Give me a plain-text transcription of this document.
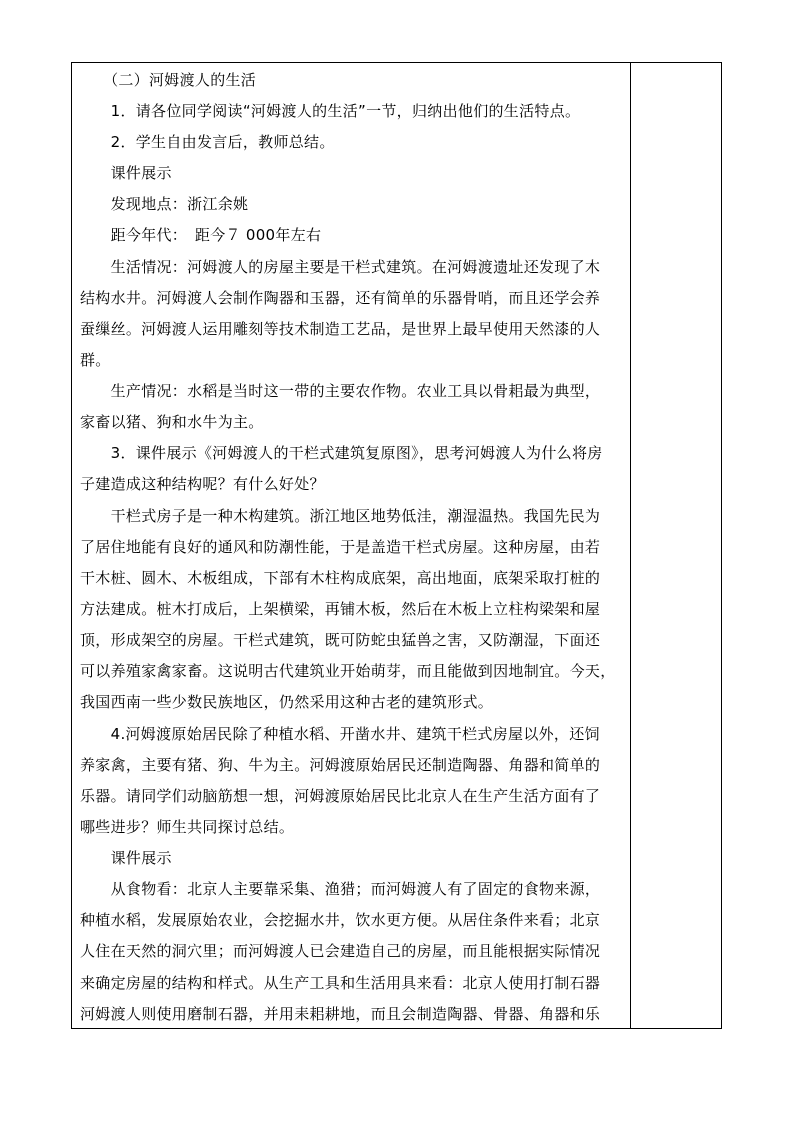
　　（二）河姆渡人的生活
　　1．请各位同学阅读“河姆渡人的生活”一节，归纳出他们的生活特点。
　　2．学生自由发言后，教师总结。
　　课件展示
　　发现地点：浙江余姚
　　距今年代：　距今７ 000年左右
　　生活情况：河姆渡人的房屋主要是干栏式建筑。在河姆渡遗址还发现了木
结构水井。河姆渡人会制作陶器和玉器，还有简单的乐器骨哨，而且还学会养
蚕缫丝。河姆渡人运用雕刻等技术制造工艺品，是世界上最早使用天然漆的人
群。
　　生产情况：水稻是当时这一带的主要农作物。农业工具以骨耜最为典型，
家畜以猪、狗和水牛为主。
　　3．课件展示《河姆渡人的干栏式建筑复原图》，思考河姆渡人为什么将房
子建造成这种结构呢？有什么好处？
　　干栏式房子是一种木构建筑。浙江地区地势低洼，潮湿温热。我国先民为
了居住地能有良好的通风和防潮性能，于是盖造干栏式房屋。这种房屋，由若
干木桩、圆木、木板组成，下部有木柱构成底架，高出地面，底架采取打桩的
方法建成。桩木打成后，上架横梁，再铺木板，然后在木板上立柱构梁架和屋
顶，形成架空的房屋。干栏式建筑，既可防蛇虫猛兽之害，又防潮湿，下面还
可以养殖家禽家畜。这说明古代建筑业开始萌芽，而且能做到因地制宜。今天，
我国西南一些少数民族地区，仍然采用这种古老的建筑形式。
　　4.河姆渡原始居民除了种植水稻、开凿水井、建筑干栏式房屋以外，还饲
养家禽，主要有猪、狗、牛为主。河姆渡原始居民还制造陶器、角器和简单的
乐器。请同学们动脑筋想一想，河姆渡原始居民比北京人在生产生活方面有了
哪些进步？师生共同探讨总结。
　　课件展示
　　从食物看：北京人主要靠采集、渔猎；而河姆渡人有了固定的食物来源，
种植水稻，发展原始农业，会挖掘水井，饮水更方便。从居住条件来看；北京
人住在天然的洞穴里；而河姆渡人已会建造自己的房屋，而且能根据实际情况
来确定房屋的结构和样式。从生产工具和生活用具来看：北京人使用打制石器
河姆渡人则使用磨制石器，并用耒耜耕地，而且会制造陶器、骨器、角器和乐
